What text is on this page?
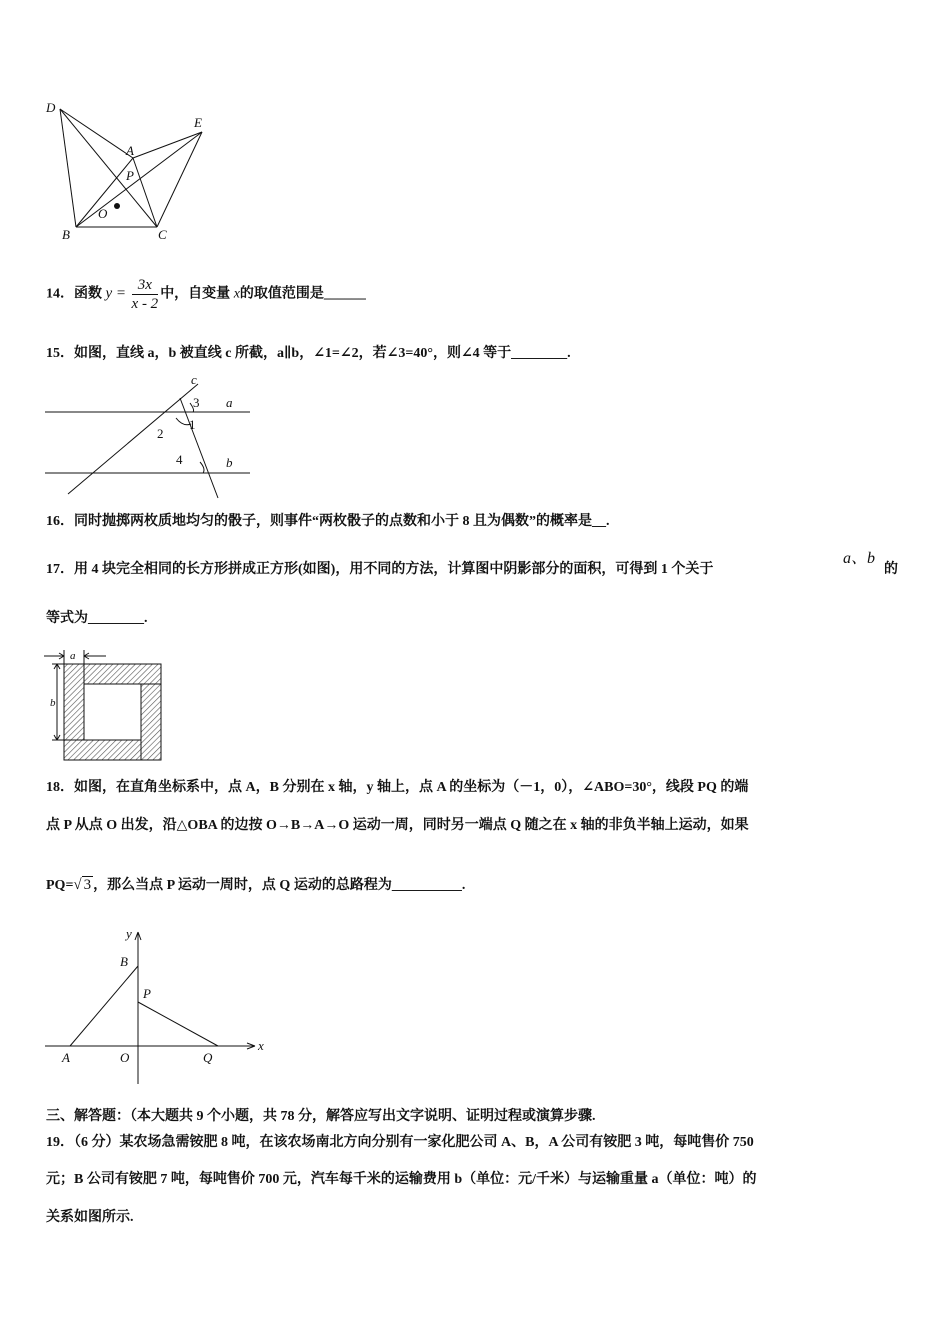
D
E
A
P
O
B	C
14．函数 $y = \frac{3x}{x - 2}$ 中，自变量 x的取值范围是______
15．如图，直线 a，b 被直线 c 所截，a∥b，∠1=∠2，若∠3=40°，则∠4 等于________.
c
a
b
3
1
2
4
16．同时抛掷两枚质地均匀的骰子，则事件“两枚骰子的点数和小于 8 且为偶数”的概率是__.
17．用 4 块完全相同的长方形拼成正方形(如图)，用不同的方法，计算图中阴影部分的面积，可得到 1 个关于
a、b
的
等式为________.
a
b
18．如图，在直角坐标系中，点 A，B 分别在 x 轴，y 轴上，点 A 的坐标为（－1，0），∠ABO=30°，线段 PQ 的端
点 P 从点 O 出发，沿△OBA 的边按 O→B→A→O 运动一周，同时另一端点 Q 随之在 x 轴的非负半轴上运动，如果
PQ=√ 3 ，那么当点 P 运动一周时，点 Q 运动的总路程为__________.
y
x
B
P
A	O	Q
三、解答题：（本大题共 9 个小题，共 78 分，解答应写出文字说明、证明过程或演算步骤.
19．（6 分）某农场急需铵肥 8 吨，在该农场南北方向分别有一家化肥公司 A、B，A 公司有铵肥 3 吨，每吨售价 750
元；B 公司有铵肥 7 吨，每吨售价 700 元，汽车每千米的运输费用 b（单位：元/千米）与运输重量 a（单位：吨）的
关系如图所示.
